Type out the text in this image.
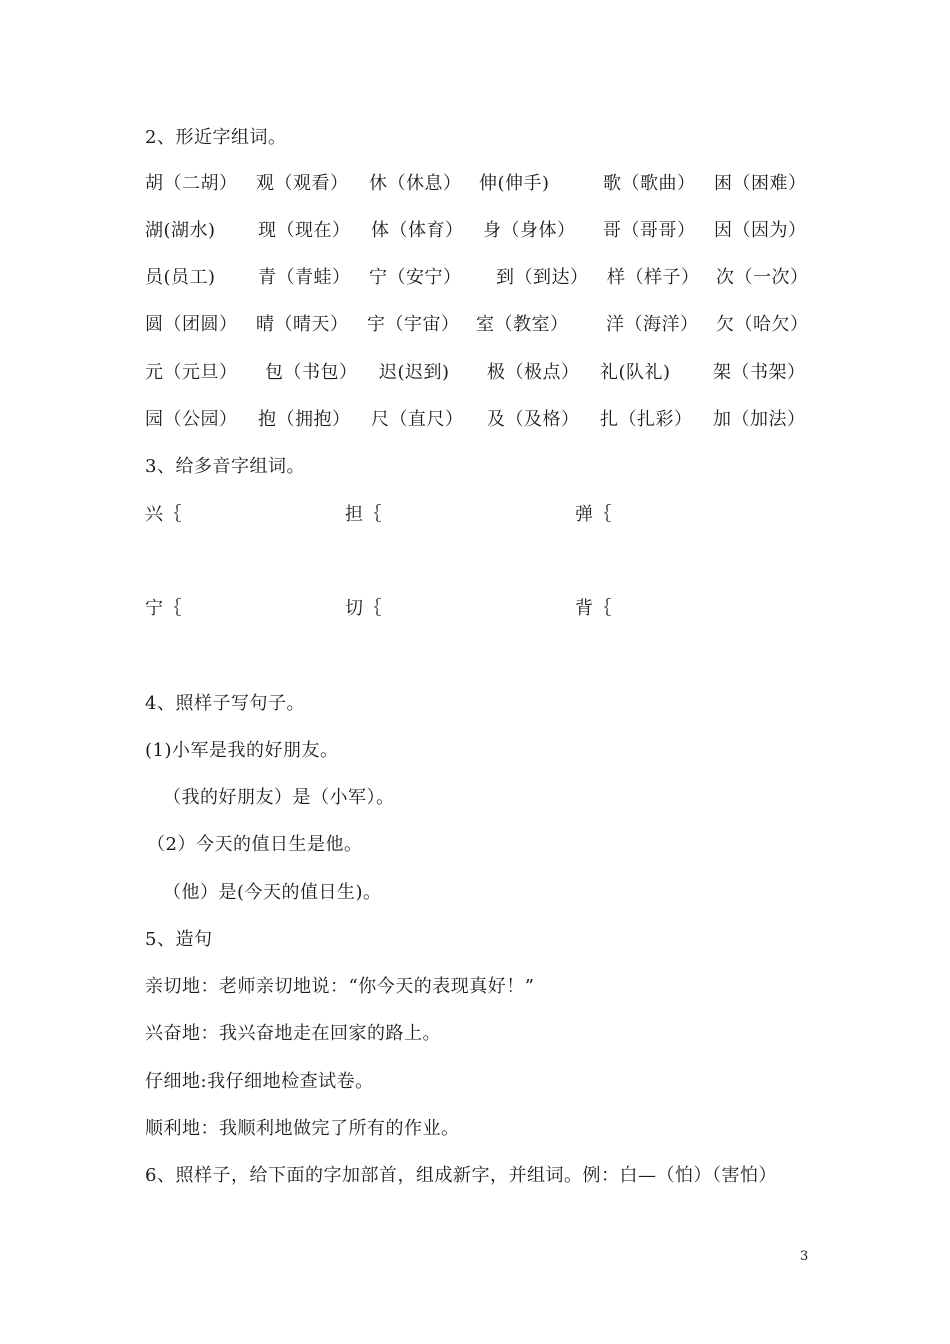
2、形近字组词。
胡（二胡） 观（观看） 休（休息） 伸(伸手)	歌（歌曲） 困（困难）
湖(湖水) 现（现在） 体（体育） 身（身体） 哥（哥哥） 因（因为）
员(员工) 青（青蛙） 宁（安宁） 到（到达） 样（样子） 次（一次）
圆（团圆） 晴（晴天） 宇（宇宙） 室（教室） 洋（海洋） 欠（哈欠）
元（元旦） 包（书包） 迟(迟到) 极（极点） 礼(队礼) 架（书架）
园（公园） 抱（拥抱） 尺（直尺） 及（及格） 扎（扎彩） 加（加法）
3、给多音字组词。
兴｛	担｛	弹｛
宁｛	切｛	背｛
4、照样子写句子。
(1)小军是我的好朋友。
（我的好朋友）是（小军）。
（2）今天的值日生是他。
（他）是(今天的值日生)。
5、造句
亲切地：老师亲切地说：“你今天的表现真好！”
兴奋地：我兴奋地走在回家的路上。
仔细地:我仔细地检查试卷。
顺利地：我顺利地做完了所有的作业。
6、照样子，给下面的字加部首，组成新字，并组词。例：白—（怕）（害怕）
3
